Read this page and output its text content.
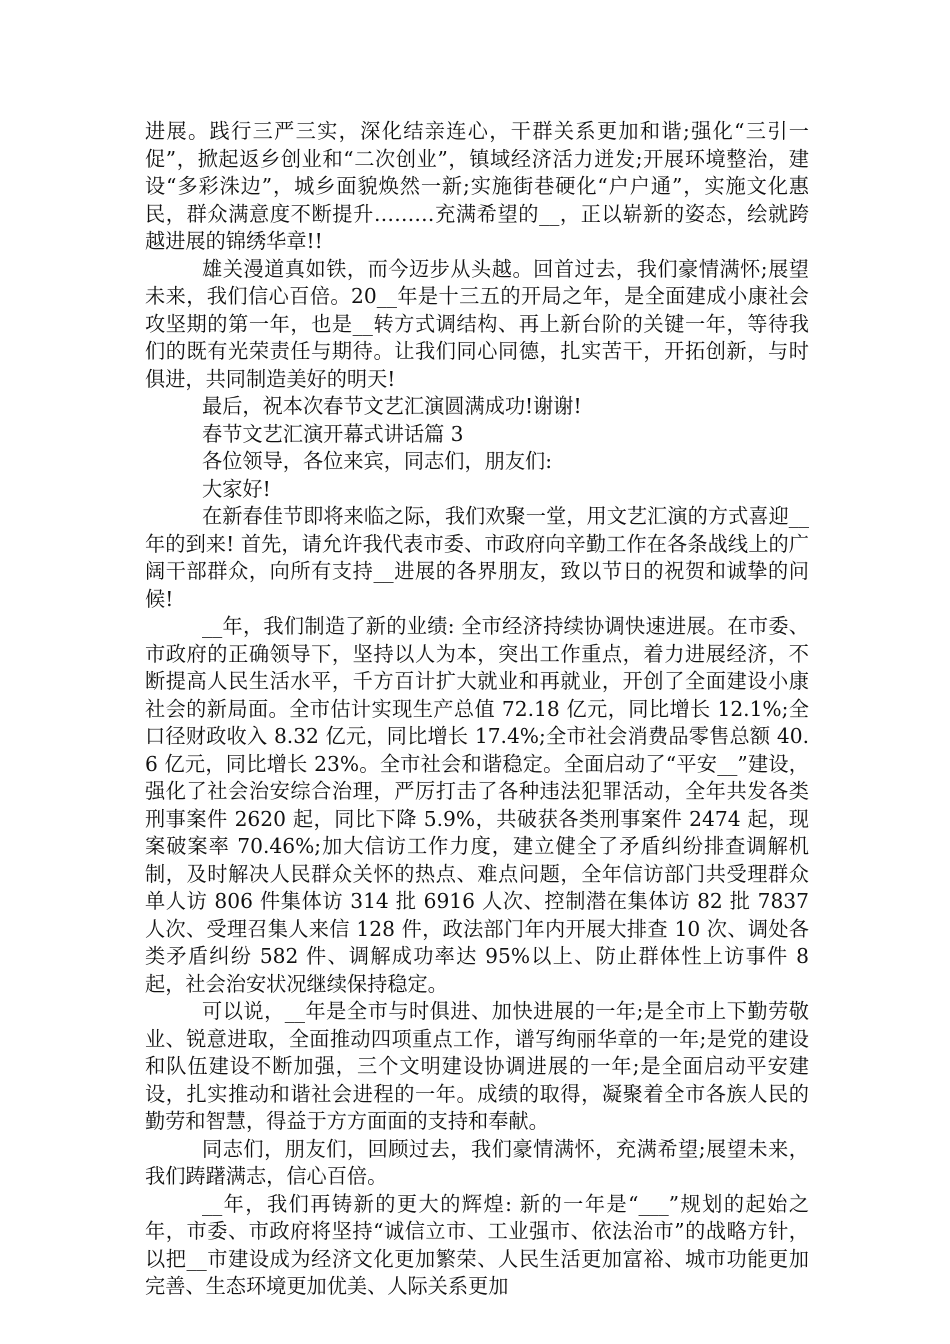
进展。践行三严三实，深化结亲连心，干群关系更加和谐;强化“三引一促”，掀起返乡创业和“二次创业”，镇域经济活力迸发;开展环境整治，建设“多彩洙边”，城乡面貌焕然一新;实施街巷硬化“户户通”，实施文化惠民，群众满意度不断提升………充满希望的__，正以崭新的姿态，绘就跨越进展的锦绣华章!!

雄关漫道真如铁，而今迈步从头越。回首过去，我们豪情满怀;展望未来，我们信心百倍。20__年是十三五的开局之年，是全面建成小康社会攻坚期的第一年，也是__转方式调结构、再上新台阶的关键一年，等待我们的既有光荣责任与期待。让我们同心同德，扎实苦干，开拓创新，与时俱进，共同制造美好的明天!

最后，祝本次春节文艺汇演圆满成功!谢谢!

春节文艺汇演开幕式讲话篇 3

各位领导，各位来宾，同志们，朋友们:

大家好!

在新春佳节即将来临之际，我们欢聚一堂，用文艺汇演的方式喜迎__年的到来! 首先，请允许我代表市委、市政府向辛勤工作在各条战线上的广阔干部群众，向所有支持__进展的各界朋友，致以节日的祝贺和诚挚的问候!

__年，我们制造了新的业绩: 全市经济持续协调快速进展。在市委、市政府的正确领导下，坚持以人为本，突出工作重点，着力进展经济，不断提高人民生活水平，千方百计扩大就业和再就业，开创了全面建设小康社会的新局面。全市估计实现生产总值 72.18 亿元，同比增长 12.1%;全口径财政收入 8.32 亿元，同比增长 17.4%;全市社会消费品零售总额 40.6 亿元，同比增长 23%。全市社会和谐稳定。全面启动了“平安__”建设，强化了社会治安综合治理，严厉打击了各种违法犯罪活动，全年共发各类刑事案件 2620 起，同比下降 5.9%，共破获各类刑事案件 2474 起，现案破案率 70.46%;加大信访工作力度，建立健全了矛盾纠纷排查调解机制，及时解决人民群众关怀的热点、难点问题，全年信访部门共受理群众单人访 806 件集体访 314 批 6916 人次、控制潜在集体访 82 批 7837 人次、受理召集人来信 128 件，政法部门年内开展大排查 10 次、调处各类矛盾纠纷 582 件、调解成功率达 95%以上、防止群体性上访事件 8 起，社会治安状况继续保持稳定。

可以说，__年是全市与时俱进、加快进展的一年;是全市上下勤劳敬业、锐意进取，全面推动四项重点工作，谱写绚丽华章的一年;是党的建设和队伍建设不断加强，三个文明建设协调进展的一年;是全面启动平安建设，扎实推动和谐社会进程的一年。成绩的取得，凝聚着全市各族人民的勤劳和智慧，得益于方方面面的支持和奉献。

同志们，朋友们，回顾过去，我们豪情满怀，充满希望;展望未来，我们踌躇满志，信心百倍。

__年，我们再铸新的更大的辉煌: 新的一年是“___”规划的起始之年，市委、市政府将坚持“诚信立市、工业强市、依法治市”的战略方针，以把__市建设成为经济文化更加繁荣、人民生活更加富裕、城市功能更加完善、生态环境更加优美、人际关系更加
